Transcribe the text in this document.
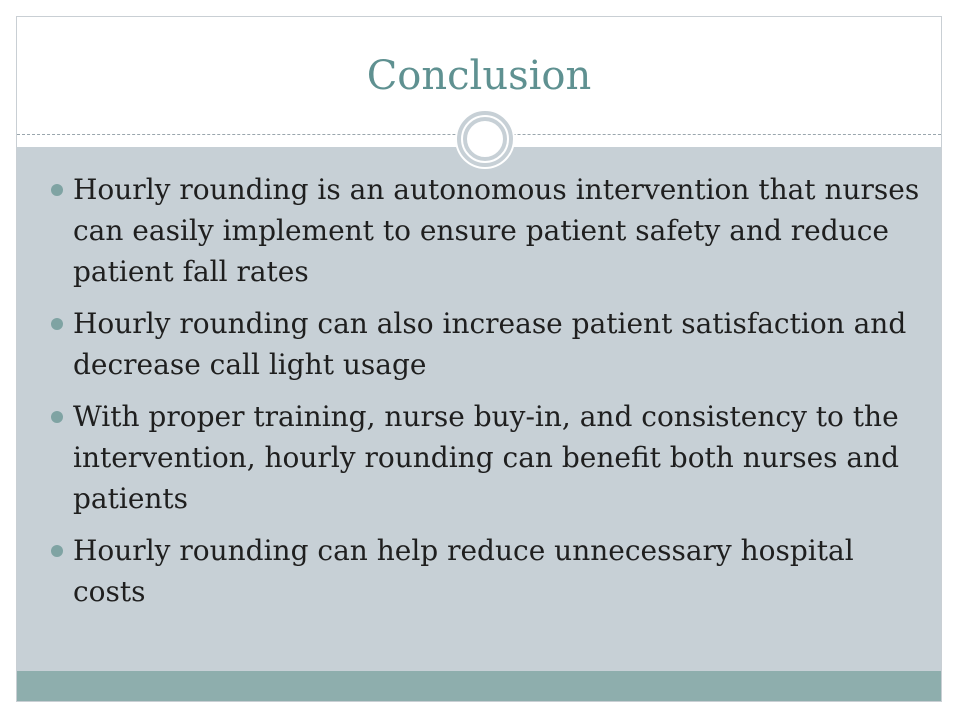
Conclusion
Hourly rounding is an autonomous intervention that nurses can easily implement to ensure patient safety and reduce patient fall rates
Hourly rounding can also increase patient satisfaction and decrease call light usage
With proper training, nurse buy-in, and consistency to the intervention, hourly rounding can benefit both nurses and patients
Hourly rounding can help reduce unnecessary hospital costs
